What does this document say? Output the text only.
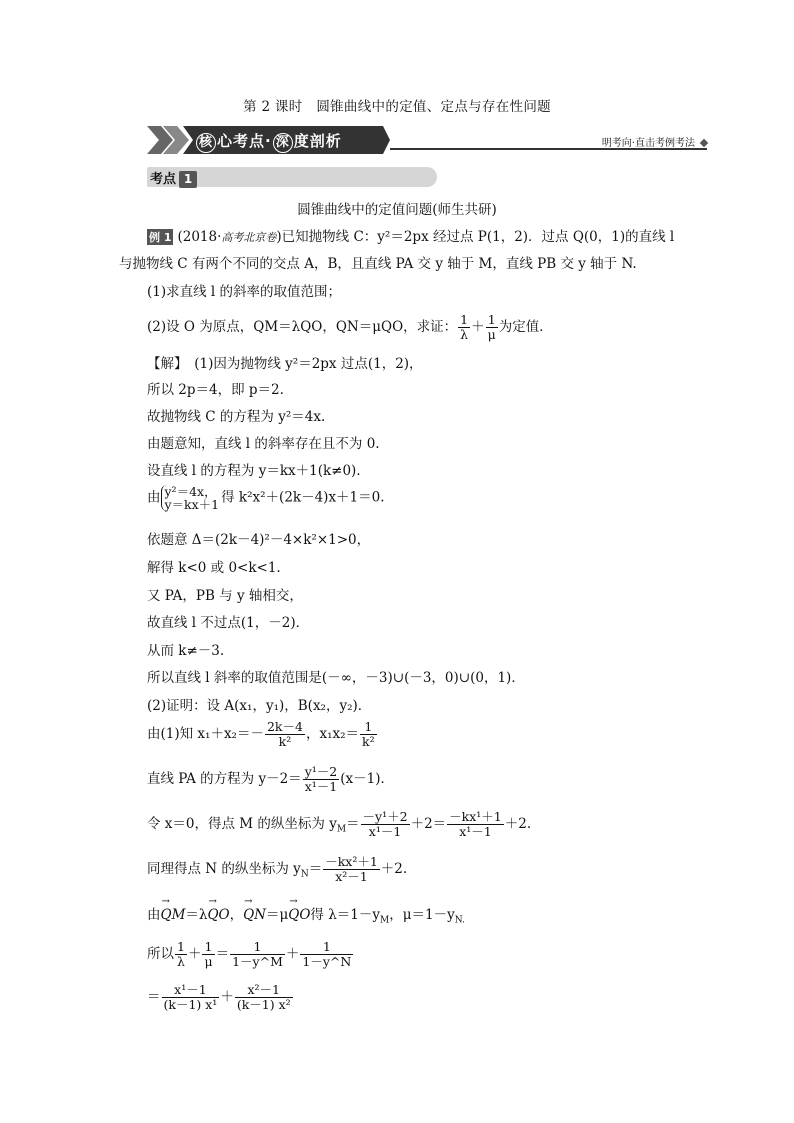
第 2 课时　圆锥曲线中的定值、定点与存在性问题
核 心考点· 深 度剖析	明考向·直击考例考法
考点 1
圆锥曲线中的定值问题(师生共研)
例 1 (2018·高考北京卷)已知抛物线 C：y²＝2px 经过点 P(1，2)．过点 Q(0，1)的直线 l
与抛物线 C 有两个不同的交点 A，B，且直线 PA 交 y 轴于 M，直线 PB 交 y 轴于 N.
(1)求直线 l 的斜率的取值范围；
(2)设 O 为原点，QM＝λQO，QN＝μQO，求证： $\frac{1}{\lambda} + \frac{1}{\mu}$ 为定值．
【解】　(1)因为抛物线 y²＝2px 过点(1，2)，
所以 2p＝4，即 p＝2.
故抛物线 C 的方程为 y²＝4x.
由题意知，直线 l 的斜率存在且不为 0.
设直线 l 的方程为 y＝kx＋1(k≠0)．
由 y²＝4x，
y＝kx＋1 得 k²x²＋(2k－4)x＋1＝0.
依题意 Δ＝(2k－4)²－4×k²×1>0，
解得 k<0 或 0<k<1.
又 PA，PB 与 y 轴相交，
故直线 l 不过点(1，－2)．
从而 k≠－3.
所以直线 l 斜率的取值范围是(－∞，－3)∪(－3，0)∪(0，1)．
(2)证明：设 A(x₁，y₁)，B(x₂，y₂)．
由(1)知 $x_1+x_2=- \frac{2k-4}{\text{k²}}$ ，$x_1x_2= \frac{1}{\text{k²}}$
直线 PA 的方程为 $y-2= \frac{\text{y¹－2}}{\text{x¹－1}} (x-1)$．
令 x＝0，得点 M 的纵坐标为 $y_M= \frac{\text{－y¹＋2}}{\text{x¹－1}} +2= \frac{\text{－kx¹＋1}}{\text{x¹－1}} +2$.
同理得点 N 的纵坐标为 $y_N= \frac{\text{－kx²＋1}}{\text{x²－1}} +2$.
由→ QM＝λ→ QO，→ QN＝μ→ QO得 $\lambda=1-y_M$，$\mu=1-y_{N.}$
所以 $\frac{1}{\lambda} + \frac{1}{\mu} = \frac{1}{1-y\^{}M} + \frac{1}{1-y\^{}N}$
＝ $\frac{\text{x¹－1}}{\text{(k－1) x¹}} + \frac{\text{x²－1}}{\text{(k－1) x²}}$
